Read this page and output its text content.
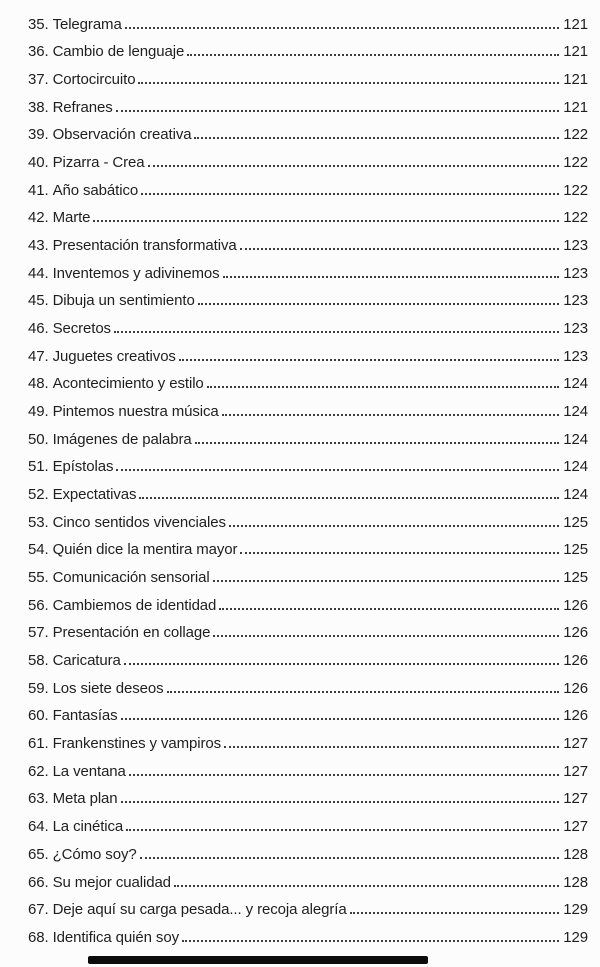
35. Telegrama	121
36. Cambio de lenguaje	121
37. Cortocircuito	121
38. Refranes	121
39. Observación creativa	122
40. Pizarra - Crea	122
41. Año sabático	122
42. Marte	122
43. Presentación transformativa	123
44. Inventemos y adivinemos	123
45. Dibuja un sentimiento	123
46. Secretos	123
47. Juguetes creativos	123
48. Acontecimiento y estilo	124
49. Pintemos nuestra música	124
50. Imágenes de palabra	124
51. Epístolas	124
52. Expectativas	124
53. Cinco sentidos vivenciales	125
54. Quién dice la mentira mayor	125
55. Comunicación sensorial	125
56. Cambiemos de identidad	126
57. Presentación en collage	126
58. Caricatura	126
59. Los siete deseos	126
60. Fantasías	126
61. Frankenstines y vampiros	127
62. La ventana	127
63. Meta plan	127
64. La cinética	127
65. ¿Cómo soy?	128
66. Su mejor cualidad	128
67. Deje aquí su carga pesada... y recoja alegría	129
68. Identifica quién soy	129
